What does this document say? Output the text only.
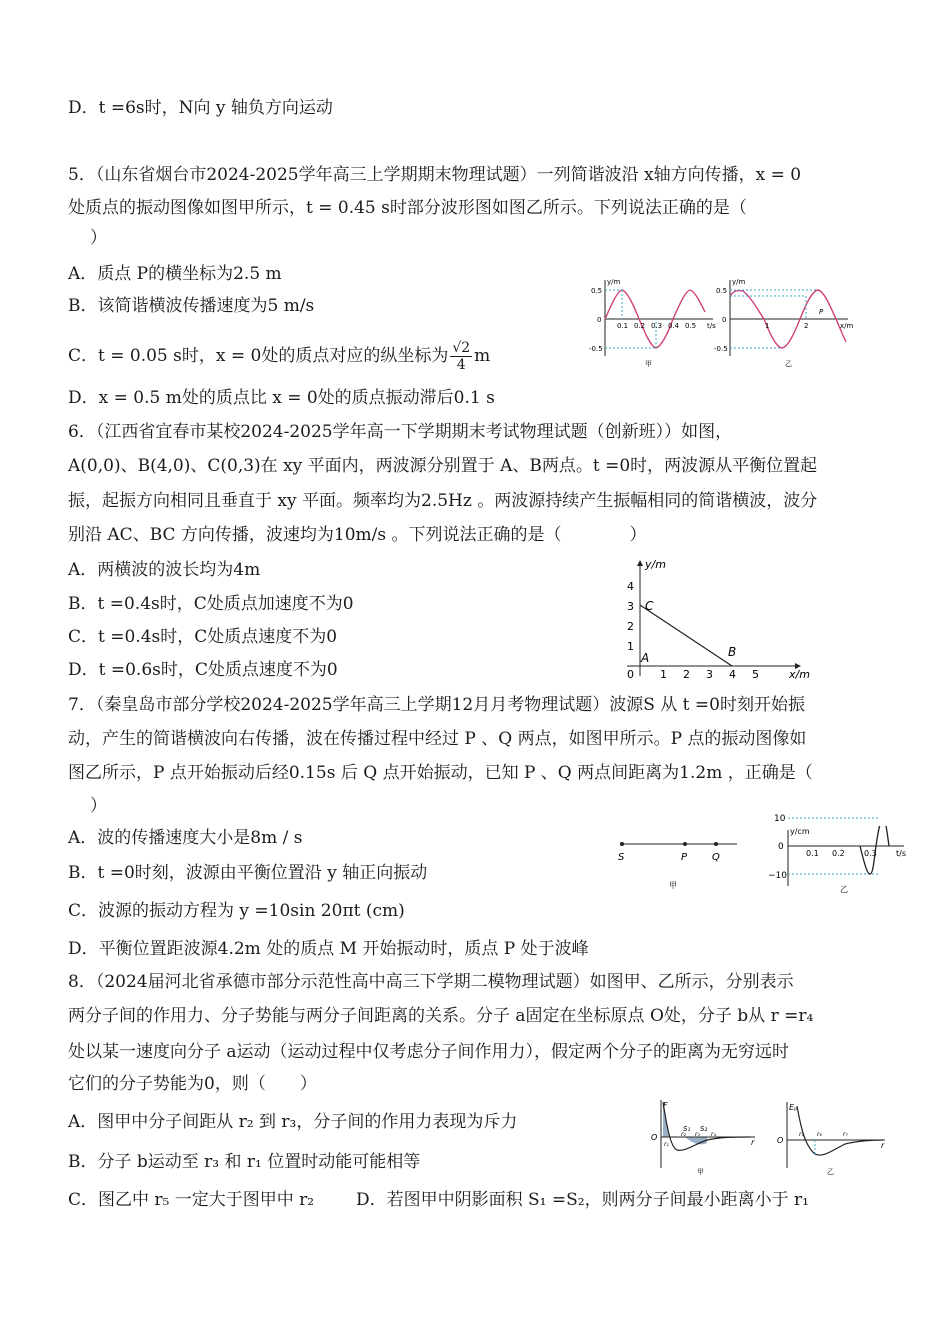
D．t =6s时，N向 y 轴负方向运动
5．（山东省烟台市2024-2025学年高三上学期期末物理试题）一列简谐波沿 x轴方向传播，x = 0
处质点的振动图像如图甲所示，t = 0.45 s时部分波形图如图乙所示。下列说法正确的是（
）
A．质点 P的横坐标为2.5 m
B．该简谐横波传播速度为5 m/s
C．t = 0.05 s时，x = 0处的质点对应的纵坐标为 $\frac{√2}{4}$ m
D．x = 0.5 m处的质点比 x = 0处的质点振动滞后0.1 s
y/m
t/s
0.5
-0.5
0
0.1 0.2 0.3 0.4 0.5
甲
y/m
x/m
0.5
-0.5
0
1	2
P
乙
6．（江西省宜春市某校2024-2025学年高一下学期期末考试物理试题（创新班））如图，
A(0,0)、B(4,0)、C(0,3)在 xy 平面内，两波源分别置于 A、B两点。t =0时，两波源从平衡位置起
振，起振方向相同且垂直于 xy 平面。频率均为2.5Hz 。两波源持续产生振幅相同的简谐横波，波分
别沿 AC、BC 方向传播，波速均为10m/s 。下列说法正确的是（　　　　）
A．两横波的波长均为4m
B．t =0.4s时，C处质点加速度不为0
C．t =0.4s时，C处质点速度不为0
D．t =0.6s时，C处质点速度不为0
y/m
x/m
4
3
2
1
0 1 2 3 4 5
C
A	B
7．（秦皇岛市部分学校2024-2025学年高三上学期12月月考物理试题）波源S 从 t =0时刻开始振
动，产生的简谐横波向右传播，波在传播过程中经过 P 、Q 两点，如图甲所示。P 点的振动图像如
图乙所示，P 点开始振动后经0.15s 后 Q 点开始振动，已知 P 、Q 两点间距离为1.2m ，正确是（
）
A．波的传播速度大小是8m / s
B．t =0时刻，波源由平衡位置沿 y 轴正向振动
C．波源的振动方程为 y =10sin 20πt (cm)
D．平衡位置距波源4.2m 处的质点 M 开始振动时，质点 P 处于波峰
S	P Q
甲
y/cm
t/s
0
−10
0.1 0.2 0.3
乙
10
8．（2024届河北省承德市部分示范性高中高三下学期二模物理试题）如图甲、乙所示，分别表示
两分子间的作用力、分子势能与两分子间距离的关系。分子 a固定在坐标原点 O处，分子 b从 r =r₄
处以某一速度向分子 a运动（运动过程中仅考虑分子间作用力），假定两个分子的距离为无穷远时
它们的分子势能为0，则（　　）
A．图甲中分子间距从 r₂ 到 r₃，分子间的作用力表现为斥力
B．分子 b运动至 r₃ 和 r₁ 位置时动能可能相等
C．图乙中 r₅ 一定大于图甲中 r₂ D．若图甲中阴影面积 S₁ =S₂，则两分子间最小距离小于 r₁
F
O
r
S₁ S₂
r₁
r₂ r₃ r₄
甲
Eₚ
O
r
r₅ r₆	r₇
乙
